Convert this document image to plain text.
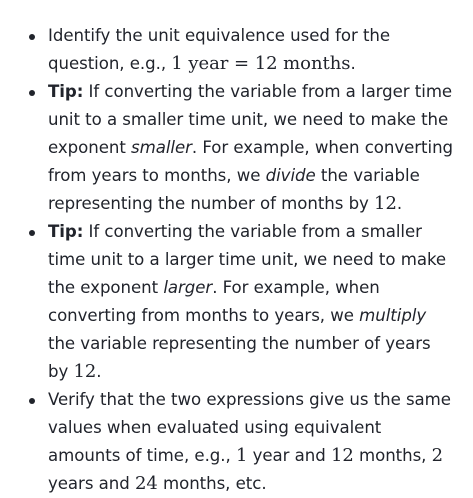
Identify the unit equivalence used for the question, e.g., 1 year = 12 months.
Tip: If converting the variable from a larger time unit to a smaller time unit, we need to make the exponent smaller. For example, when converting from years to months, we divide the variable representing the number of months by 12.
Tip: If converting the variable from a smaller time unit to a larger time unit, we need to make the exponent larger. For example, when converting from months to years, we multiply the variable representing the number of years by 12.
Verify that the two expressions give us the same values when evaluated using equivalent amounts of time, e.g., 1 year and 12 months, 2 years and 24 months, etc.
